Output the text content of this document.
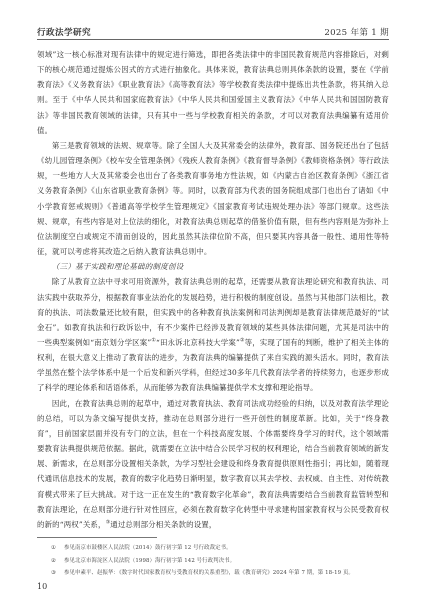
行政法学研究	2025 年第 1 期

领域”这一核心标准对现有法律中的规定进行筛选，即把各类法律中的非国民教育规范内容排除后，对剩下的核心规范通过提炼公因式的方式进行抽象化。具体来说，教育法典总则具体条款的设置，要在《学前教育法》《义务教育法》《职业教育法》《高等教育法》等学校教育类法律中提炼出共性条款，将其纳入总则。至于《中华人民共和国家庭教育法》《中华人民共和国爱国主义教育法》《中华人民共和国国防教育法》等非国民教育领域的法律，只有其中一些与学校教育相关的条款，才可以对教育法典编纂有适用价值。

第三是教育领域的法规、规章等。除了全国人大及其常委会的法律外，教育部、国务院还出台了包括《幼儿园管理条例》《校车安全管理条例》《残疾人教育条例》《教育督导条例》《教师资格条例》等行政法规，一些地方人大及其常委会也出台了各类教育事务地方性法规，如《内蒙古自治区教育条例》《浙江省义务教育条例》《山东省职业教育条例》等。同时，以教育部为代表的国务院组成部门也出台了诸如《中小学教育惩戒规则》《普通高等学校学生管理规定》《国家教育考试违规处理办法》等部门规章。这些法规、规章，有些内容是对上位法的细化，对教育法典总则起草的借鉴价值有限，但有些内容则是为弥补上位法制度空白或规定不清而创设的，因此虽然其法律位阶不高，但只要其内容具备一般性、通用性等特征，就可以考虑将其改造之后纳入教育法典总则中。

（三）基于实践和理论基础的制度创设

除了从教育立法中寻求可用资源外，教育法典总则的起草，还需要从教育法理论研究和教育执法、司法实践中获取养分，根据教育事业法治化的发展趋势，进行积极的制度创设。虽然与其他部门法相比，教育的执法、司法数量还比较有限，但实践中的各种教育执法案例和司法判例却是教育法律规范最好的“试金石”。如教育执法和行政诉讼中，有不少案件已经涉及教育领域的某些具体法律问题，尤其是司法中的一些典型案例如“南京划分学区案”①“田永诉北京科技大学案”②等，实现了国有的判断，维护了相关主体的权利，在很大意义上推动了教育法的进步，为教育法典的编纂提供了来自实践的源头活水。同时，教育法学虽然在整个法学体系中是一个后发和新兴学科，但经过30多年几代教育法学者的持续努力，也逐步形成了科学的理论体系和话语体系，从而能够为教育法典编纂提供学术支撑和理论指导。

因此，在教育法典总则的起草中，通过对教育执法、教育司法成功经验的归纳，以及对教育法学理论的总结，可以为条文编写提供支持，推动在总则部分进行一些开创性的制度革新。比如，关于“终身教育”，目前国家层面并没有专门的立法，但在一个科技高度发展、个体需要终身学习的时代，这个领域需要教育法典提供规范依据。据此，就需要在立法中结合公民学习权的权利理论，结合当前教育领域的新发展、新需求，在总则部分设置相关条款，为学习型社会建设和终身教育提供原则性指引；再比如，随着现代通讯信息技术的发展，教育的数字化趋势日渐明显，数字教育以其去学校、去权威、自主性、对传统教育模式带来了巨大挑战。对于这一正在发生的“教育数字化革命”，教育法典需要结合当前教育监管转型和教育法理论，在总则部分进行针对性回应，必须在教育数字化转型中寻求建构国家教育权与公民受教育权的新的“两权”关系，③通过总则部分相关条款的设置，

① 参见南京市鼓楼区人民法院（2014）鼓行初字第 12 号行政裁定书。
② 参见北京市海淀区人民法院（1998）海行初字第 142 号行政判决书。
③ 参见申素平、赵振华：《数字时代国家教育权与受教育权的关系重塑》，载《教育研究》2024 年第 7 期，第 18-19 页。
10
